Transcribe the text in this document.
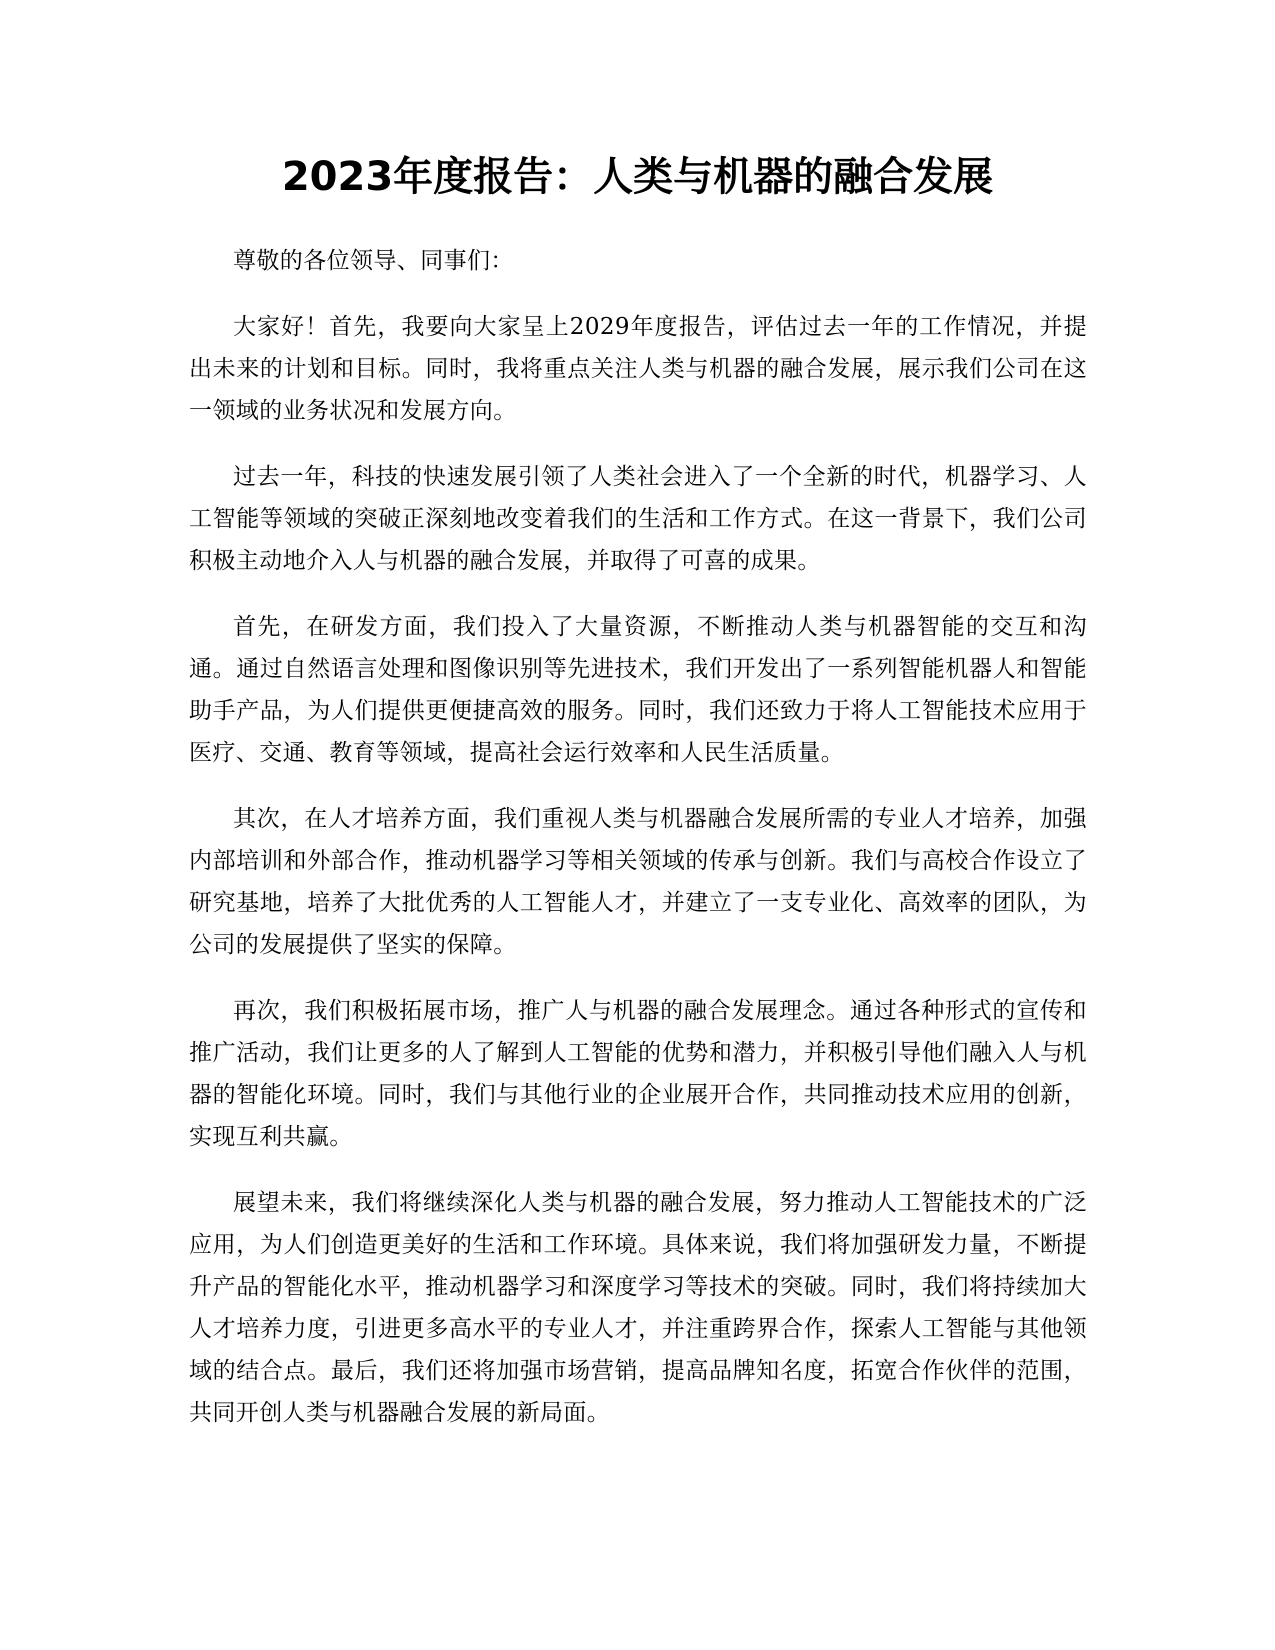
2023年度报告：人类与机器的融合发展

尊敬的各位领导、同事们：

大家好！首先，我要向大家呈上2029年度报告，评估过去一年的工作情况，并提出未来的计划和目标。同时，我将重点关注人类与机器的融合发展，展示我们公司在这一领域的业务状况和发展方向。

过去一年，科技的快速发展引领了人类社会进入了一个全新的时代，机器学习、人工智能等领域的突破正深刻地改变着我们的生活和工作方式。在这一背景下，我们公司积极主动地介入人与机器的融合发展，并取得了可喜的成果。

首先，在研发方面，我们投入了大量资源，不断推动人类与机器智能的交互和沟通。通过自然语言处理和图像识别等先进技术，我们开发出了一系列智能机器人和智能助手产品，为人们提供更便捷高效的服务。同时，我们还致力于将人工智能技术应用于医疗、交通、教育等领域，提高社会运行效率和人民生活质量。

其次，在人才培养方面，我们重视人类与机器融合发展所需的专业人才培养，加强内部培训和外部合作，推动机器学习等相关领域的传承与创新。我们与高校合作设立了研究基地，培养了大批优秀的人工智能人才，并建立了一支专业化、高效率的团队，为公司的发展提供了坚实的保障。

再次，我们积极拓展市场，推广人与机器的融合发展理念。通过各种形式的宣传和推广活动，我们让更多的人了解到人工智能的优势和潜力，并积极引导他们融入人与机器的智能化环境。同时，我们与其他行业的企业展开合作，共同推动技术应用的创新，实现互利共赢。

展望未来，我们将继续深化人类与机器的融合发展，努力推动人工智能技术的广泛应用，为人们创造更美好的生活和工作环境。具体来说，我们将加强研发力量，不断提升产品的智能化水平，推动机器学习和深度学习等技术的突破。同时，我们将持续加大人才培养力度，引进更多高水平的专业人才，并注重跨界合作，探索人工智能与其他领域的结合点。最后，我们还将加强市场营销，提高品牌知名度，拓宽合作伙伴的范围，共同开创人类与机器融合发展的新局面。
